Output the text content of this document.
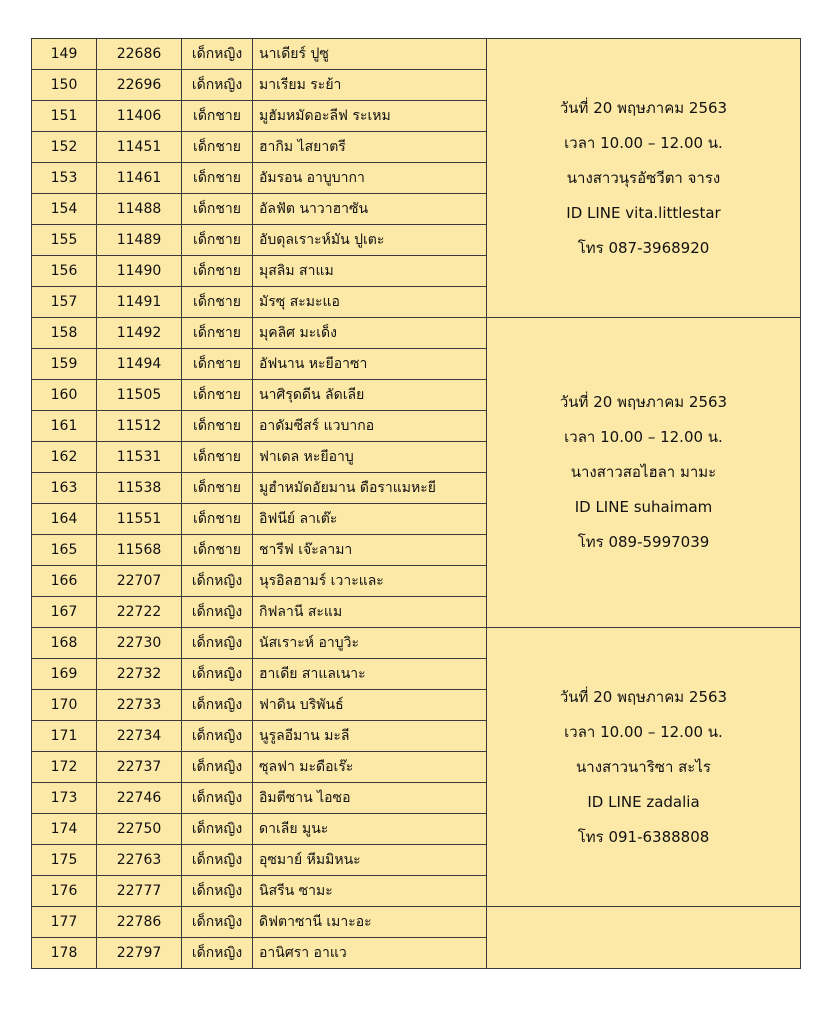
149	22686	เด็กหญิง	นาเดียร์ ปูซู	วันที่ 20 พฤษภาคม 2563
เวลา 10.00 – 12.00 น.
นางสาวนุรอัซวีตา จารง
ID LINE vita.littlestar
โทร 087-3968920

150	22696	เด็กหญิง	มาเรียม ระย้า	
151	11406	เด็กชาย	มูฮัมหมัดอะลีฟ ระเหม	
152	11451	เด็กชาย	ฮากิม ไสยาตรี	
153	11461	เด็กชาย	อัมรอน อาบูบากา	
154	11488	เด็กชาย	อัลฟัต นาวาฮาซัน	
155	11489	เด็กชาย	อับดุลเราะห์มัน ปูเตะ	
156	11490	เด็กชาย	มุสลิม สาแม	
157	11491	เด็กชาย	มัรซุ สะมะแอ	
158	11492	เด็กชาย	มุคลิศ มะเด็ง	วันที่ 20 พฤษภาคม 2563
เวลา 10.00 – 12.00 น.
นางสาวสอไฮลา มามะ
ID LINE suhaimam
โทร 089-5997039

159	11494	เด็กชาย	อัฟนาน หะยีอาซา	
160	11505	เด็กชาย	นาศิรุดดีน ลัดเลีย	
161	11512	เด็กชาย	อาดัมซีสร์ แวบากอ	
162	11531	เด็กชาย	ฟาเดล หะยีอาบู	
163	11538	เด็กชาย	มูฮำหมัดอัยมาน ดือราแมหะยี	
164	11551	เด็กชาย	อิฟนีย์ ลาเต๊ะ	
165	11568	เด็กชาย	ชารีฟ เจ๊ะลามา	
166	22707	เด็กหญิง	นุรอิลฮามร์ เวาะและ	
167	22722	เด็กหญิง	กิฟลานี สะแม	
168	22730	เด็กหญิง	นัสเราะห์ อาบูวิะ	วันที่ 20 พฤษภาคม 2563
เวลา 10.00 – 12.00 น.
นางสาวนาริซา สะไร
ID LINE zadalia
โทร 091-6388808

169	22732	เด็กหญิง	ฮาเดีย สาแลเนาะ	
170	22733	เด็กหญิง	ฟาดิน บริพันธ์	
171	22734	เด็กหญิง	นูรูลอีมาน มะลี	
172	22737	เด็กหญิง	ซุลฟา มะดือเร๊ะ	
173	22746	เด็กหญิง	อิมตีซาน ไอซอ	
174	22750	เด็กหญิง	ดาเลีย มูนะ	
175	22763	เด็กหญิง	อุซมาย์ หีมมิหนะ	
176	22777	เด็กหญิง	นิสรีน ซามะ	
177	22786	เด็กหญิง	ดิฟตาซานี เมาะอะ	

178	22797	เด็กหญิง	อานิศรา อาแว	
